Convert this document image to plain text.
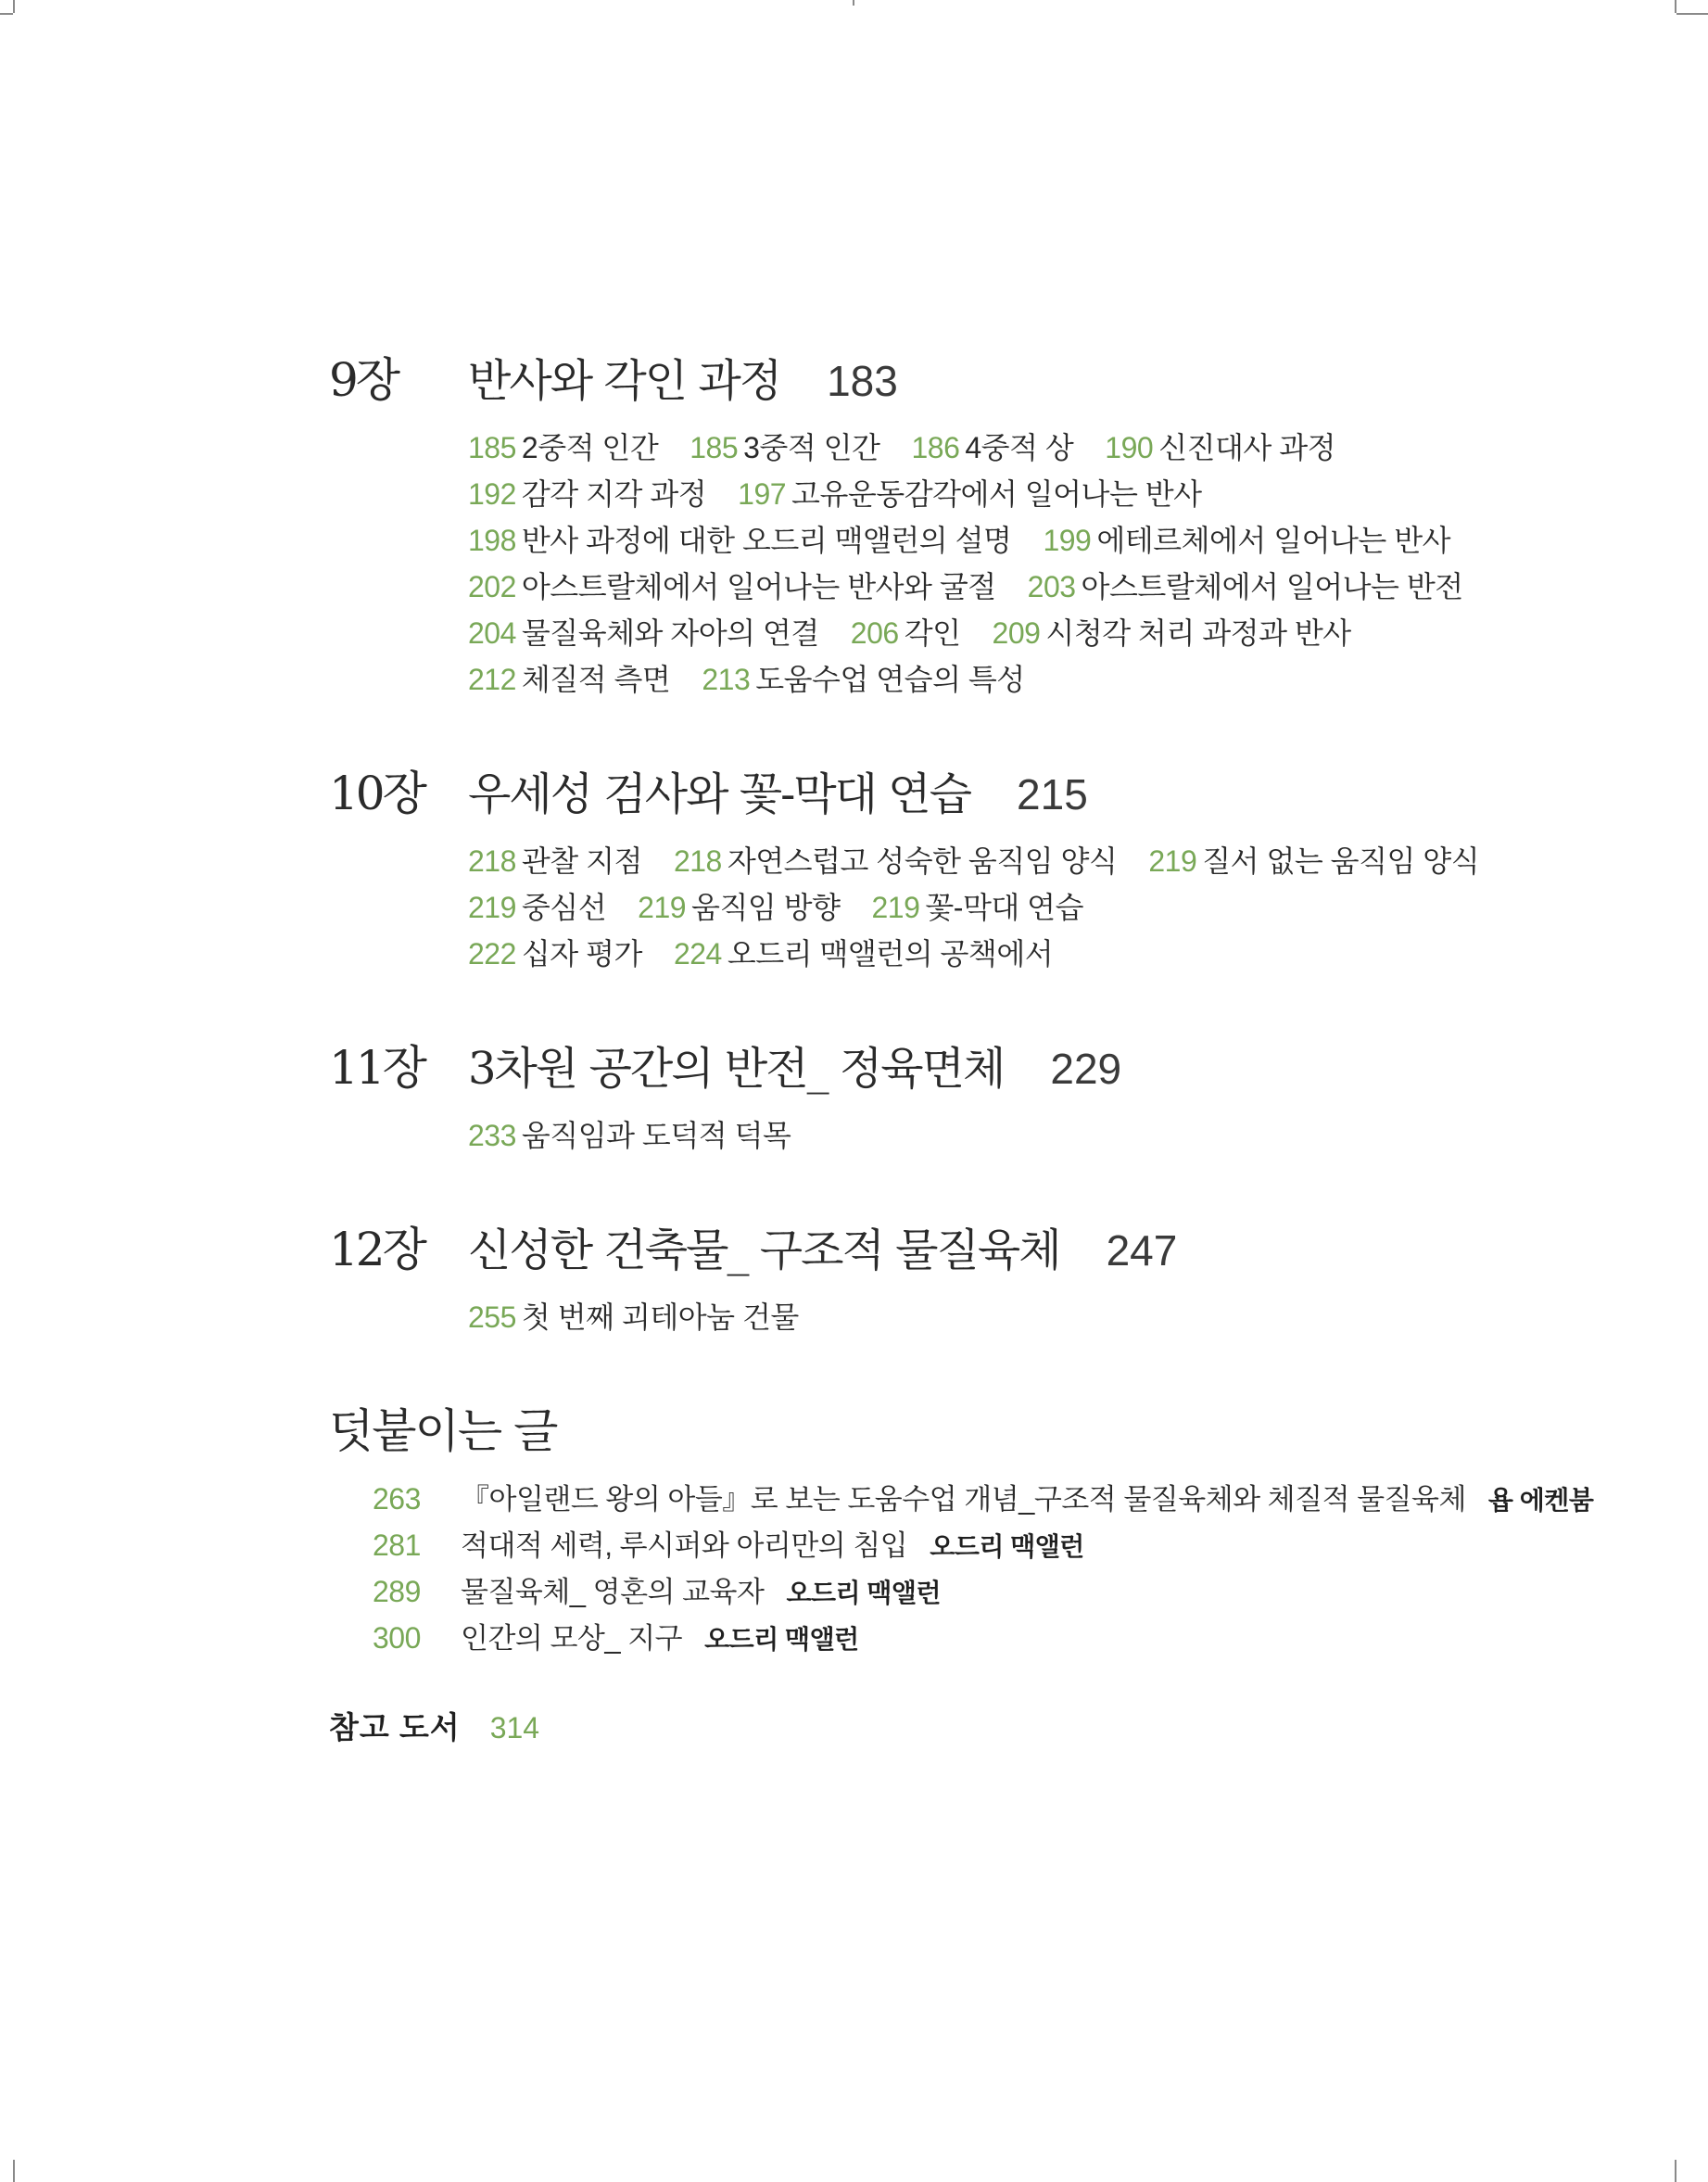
9장	반사와 각인 과정 183
185 2중적 인간 185 3중적 인간 186 4중적 상 190 신진대사 과정
192 감각 지각 과정 197 고유운동감각에서 일어나는 반사
198 반사 과정에 대한 오드리 맥앨런의 설명 199 에테르체에서 일어나는 반사
202 아스트랄체에서 일어나는 반사와 굴절 203 아스트랄체에서 일어나는 반전
204 물질육체와 자아의 연결 206 각인 209 시청각 처리 과정과 반사
212 체질적 측면 213 도움수업 연습의 특성
10장 우세성 검사와 꽃-막대 연습 215
218 관찰 지점 218 자연스럽고 성숙한 움직임 양식 219 질서 없는 움직임 양식
219 중심선 219 움직임 방향 219 꽃-막대 연습
222 십자 평가 224 오드리 맥앨런의 공책에서
11장 3차원 공간의 반전_ 정육면체 229
233 움직임과 도덕적 덕목
12장 신성한 건축물_ 구조적 물질육체 247
255 첫 번째 괴테아눔 건물
덧붙이는 글
263	『아일랜드 왕의 아들』로 보는 도움수업 개념_구조적 물질육체와 체질적 물질육체 욥 에켄붐
281	적대적 세력, 루시퍼와 아리만의 침입 오드리 맥앨런
289	물질육체_ 영혼의 교육자 오드리 맥앨런
300	인간의 모상_ 지구 오드리 맥앨런
참고 도서 314
